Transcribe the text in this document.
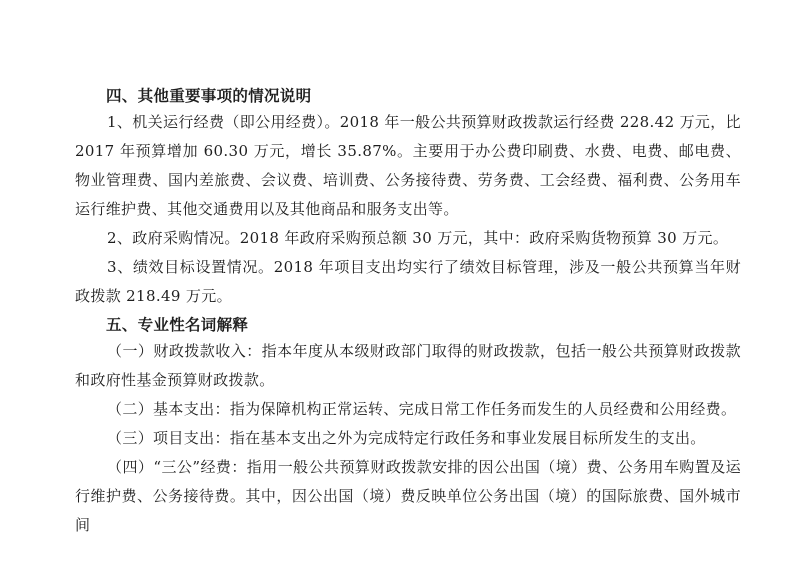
四、其他重要事项的情况说明
1、机关运行经费（即公用经费）。2018 年一般公共预算财政拨款运行经费 228.42 万元，比 2017 年预算增加 60.30 万元，增长 35.87%。主要用于办公费印刷费、水费、电费、邮电费、物业管理费、国内差旅费、会议费、培训费、公务接待费、劳务费、工会经费、福利费、公务用车运行维护费、其他交通费用以及其他商品和服务支出等。
2、政府采购情况。2018 年政府采购预总额 30 万元，其中：政府采购货物预算 30 万元。
3、绩效目标设置情况。2018 年项目支出均实行了绩效目标管理，涉及一般公共预算当年财政拨款 218.49 万元。
五、专业性名词解释
（一）财政拨款收入：指本年度从本级财政部门取得的财政拨款，包括一般公共预算财政拨款和政府性基金预算财政拨款。
（二）基本支出：指为保障机构正常运转、完成日常工作任务而发生的人员经费和公用经费。
（三）项目支出：指在基本支出之外为完成特定行政任务和事业发展目标所发生的支出。
（四）“三公”经费：指用一般公共预算财政拨款安排的因公出国（境）费、公务用车购置及运行维护费、公务接待费。其中，因公出国（境）费反映单位公务出国（境）的国际旅费、国外城市间
